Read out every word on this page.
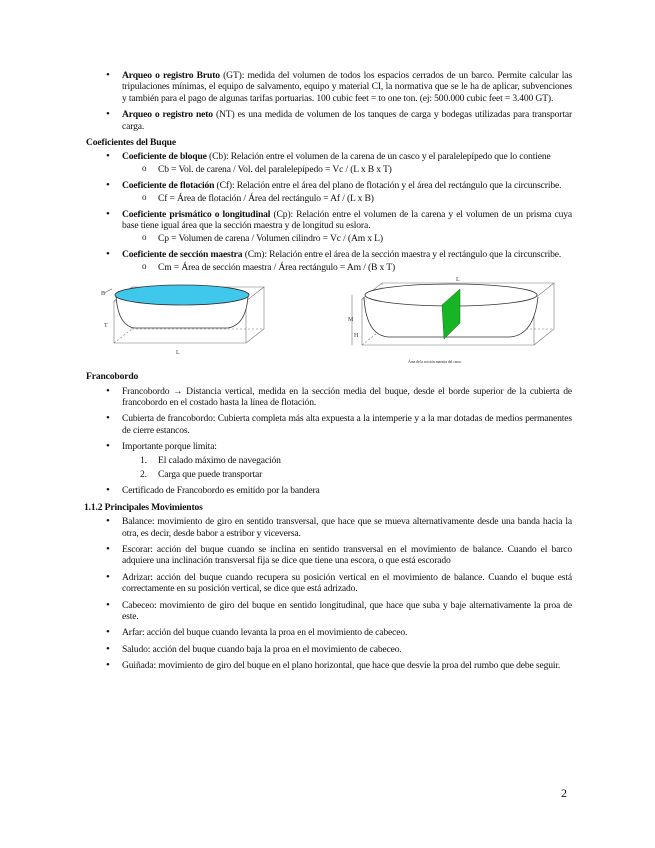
• Arqueo o registro Bruto (GT): medida del volumen de todos los espacios cerrados de un barco. Permite calcular las tripulaciones mínimas, el equipo de salvamento, equipo y material CI, la normativa que se le ha de aplicar, subvenciones y también para el pago de algunas tarifas portuarias. 100 cubic feet = to one ton. (ej: 500.000 cubic feet = 3.400 GT).
• Arqueo o registro neto (NT) es una medida de volumen de los tanques de carga y bodegas utilizadas para transportar carga.
Coeficientes del Buque
• Coeficiente de bloque (Cb): Relación entre el volumen de la carena de un casco y el paralelepípedo que lo contiene
o Cb = Vol. de carena / Vol. del paralelepípedo = Vc / (L x B x T)
• Coeficiente de flotación (Cf): Relación entre el área del plano de flotación y el área del rectángulo que la circunscribe.
o Cf = Área de flotación / Área del rectángulo = Af / (L x B)
• Coeficiente prismático o longitudinal (Cp): Relación entre el volumen de la carena y el volumen de un prisma cuya base tiene igual área que la sección maestra y de longitud su eslora.
o Cp = Volumen de carena / Volumen cilindro = Vc / (Am x L)
• Coeficiente de sección maestra (Cm): Relación entre el área de la sección maestra y el rectángulo que la circunscribe.
o Cm = Área de sección maestra / Área rectángulo = Am / (B x T)
B
T
L
M
H
L
Área de la sección maestra del casco
Francobordo
• Francobordo → Distancia vertical, medida en la sección media del buque, desde el borde superior de la cubierta de francobordo en el costado hasta la línea de flotación.
• Cubierta de francobordo: Cubierta completa más alta expuesta a la intemperie y a la mar dotadas de medios permanentes de cierre estancos.
• Importante porque limita:
1. El calado máximo de navegación
2. Carga que puede transportar
• Certificado de Francobordo es emitido por la bandera
1.1.2 Principales Movimientos
• Balance: movimiento de giro en sentido transversal, que hace que se mueva alternativamente desde una banda hacia la otra, es decir, desde babor a estribor y viceversa.
• Escorar: acción del buque cuando se inclina en sentido transversal en el movimiento de balance. Cuando el barco adquiere una inclinación transversal fija se dice que tiene una escora, o que está escorado
• Adrizar: acción del buque cuando recupera su posición vertical en el movimiento de balance. Cuando el buque está correctamente en su posición vertical, se dice que está adrizado.
• Cabeceo: movimiento de giro del buque en sentido longitudinal, que hace que suba y baje alternativamente la proa de este.
• Arfar: acción del buque cuando levanta la proa en el movimiento de cabeceo.
• Saludo: acción del buque cuando baja la proa en el movimiento de cabeceo.
• Guiñada: movimiento de giro del buque en el plano horizontal, que hace que desvíe la proa del rumbo que debe seguir.
2
